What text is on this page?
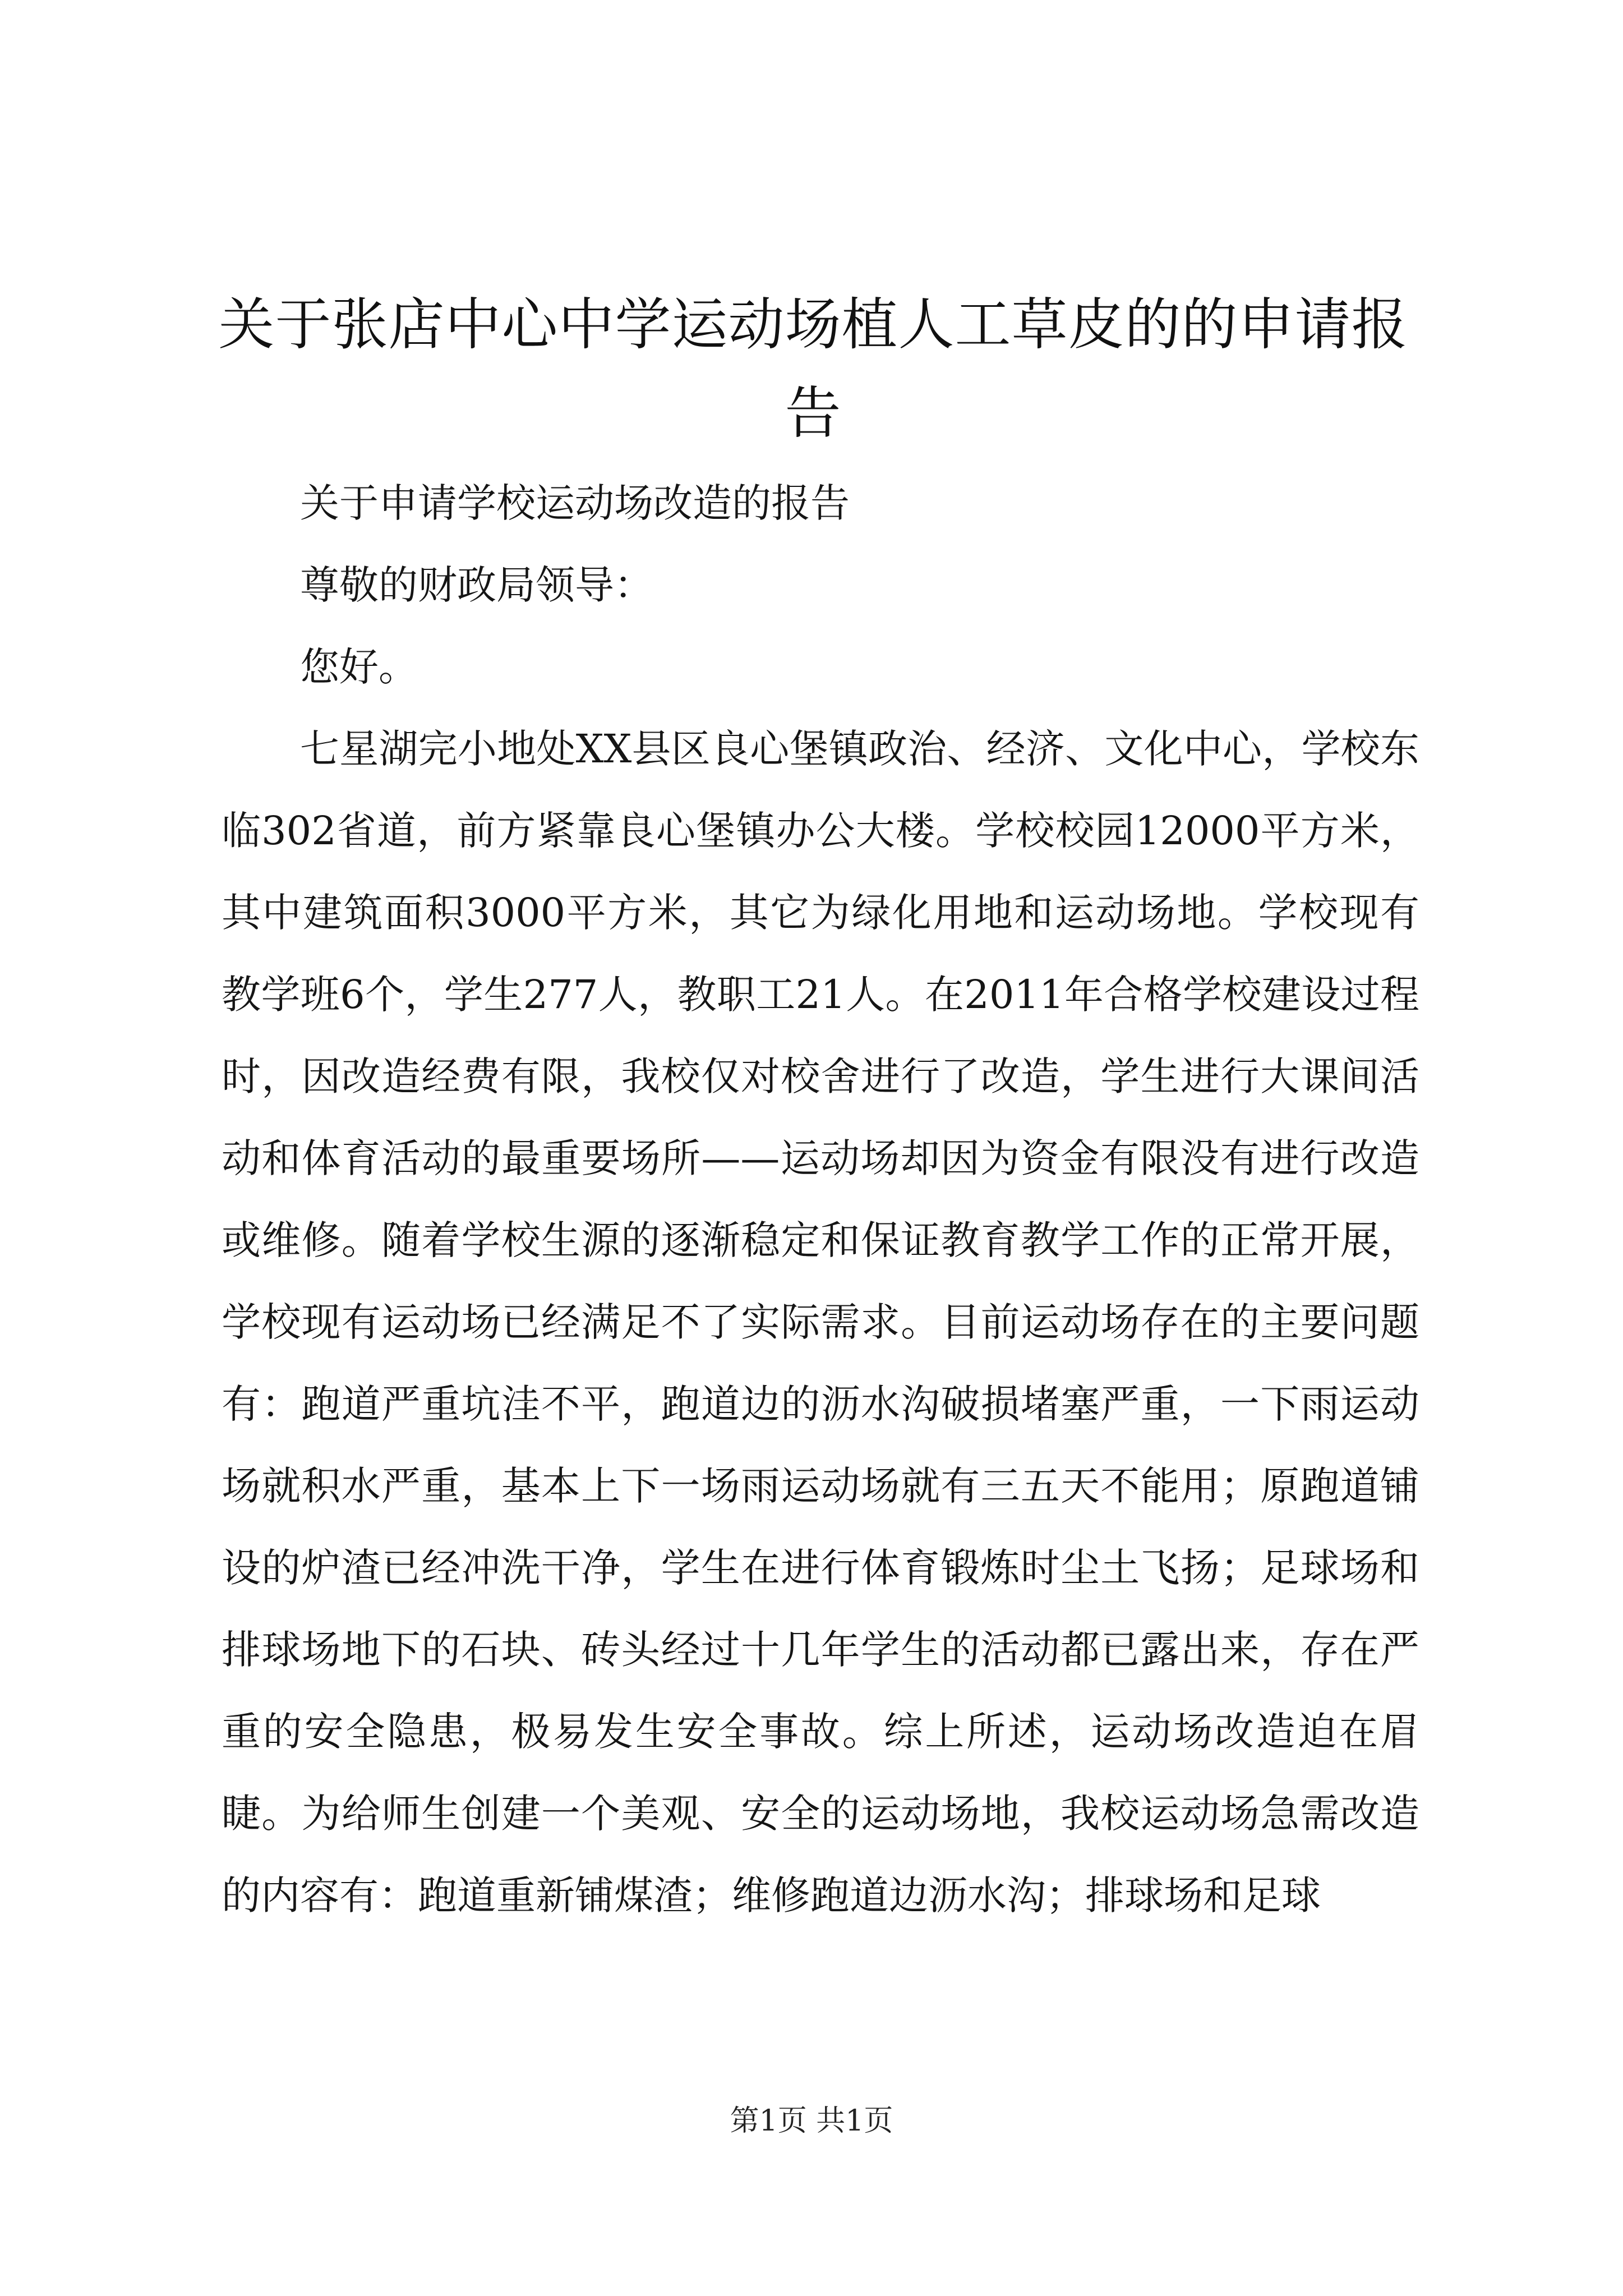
关于张店中心中学运动场植人工草皮的的申请报告

关于申请学校运动场改造的报告

尊敬的财政局领导：

您好。

七星湖完小地处XX县区良心堡镇政治、经济、文化中心，学校东临302省道，前方紧靠良心堡镇办公大楼。学校校园12000平方米，其中建筑面积3000平方米，其它为绿化用地和运动场地。学校现有教学班6个，学生277人，教职工21人。在2011年合格学校建设过程时，因改造经费有限，我校仅对校舍进行了改造，学生进行大课间活动和体育活动的最重要场所——运动场却因为资金有限没有进行改造或维修。随着学校生源的逐渐稳定和保证教育教学工作的正常开展，学校现有运动场已经满足不了实际需求。目前运动场存在的主要问题有：跑道严重坑洼不平，跑道边的沥水沟破损堵塞严重，一下雨运动场就积水严重，基本上下一场雨运动场就有三五天不能用；原跑道铺设的炉渣已经冲洗干净，学生在进行体育锻炼时尘土飞扬；足球场和排球场地下的石块、砖头经过十几年学生的活动都已露出来，存在严重的安全隐患，极易发生安全事故。综上所述，运动场改造迫在眉睫。为给师生创建一个美观、安全的运动场地，我校运动场急需改造的内容有：跑道重新铺煤渣；维修跑道边沥水沟；排球场和足球

第1页 共1页
